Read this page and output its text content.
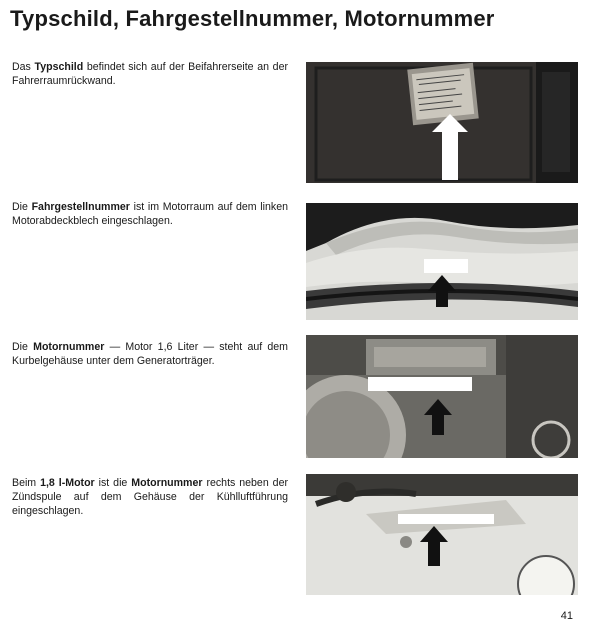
Typschild, Fahrgestellnummer, Motornummer
Das Typschild befindet sich auf der Beifahrerseite an der Fahrerraumrückwand.
Die Fahrgestellnummer ist im Motorraum auf dem linken Motorabdeckblech eingeschlagen.
Die Motornummer — Motor 1,6 Liter — steht auf dem Kurbelgehäuse unter dem Generatorträger.
Beim 1,8 l-Motor ist die Motornummer rechts neben der Zündspule auf dem Gehäuse der Kühlluftführung eingeschlagen.
41
